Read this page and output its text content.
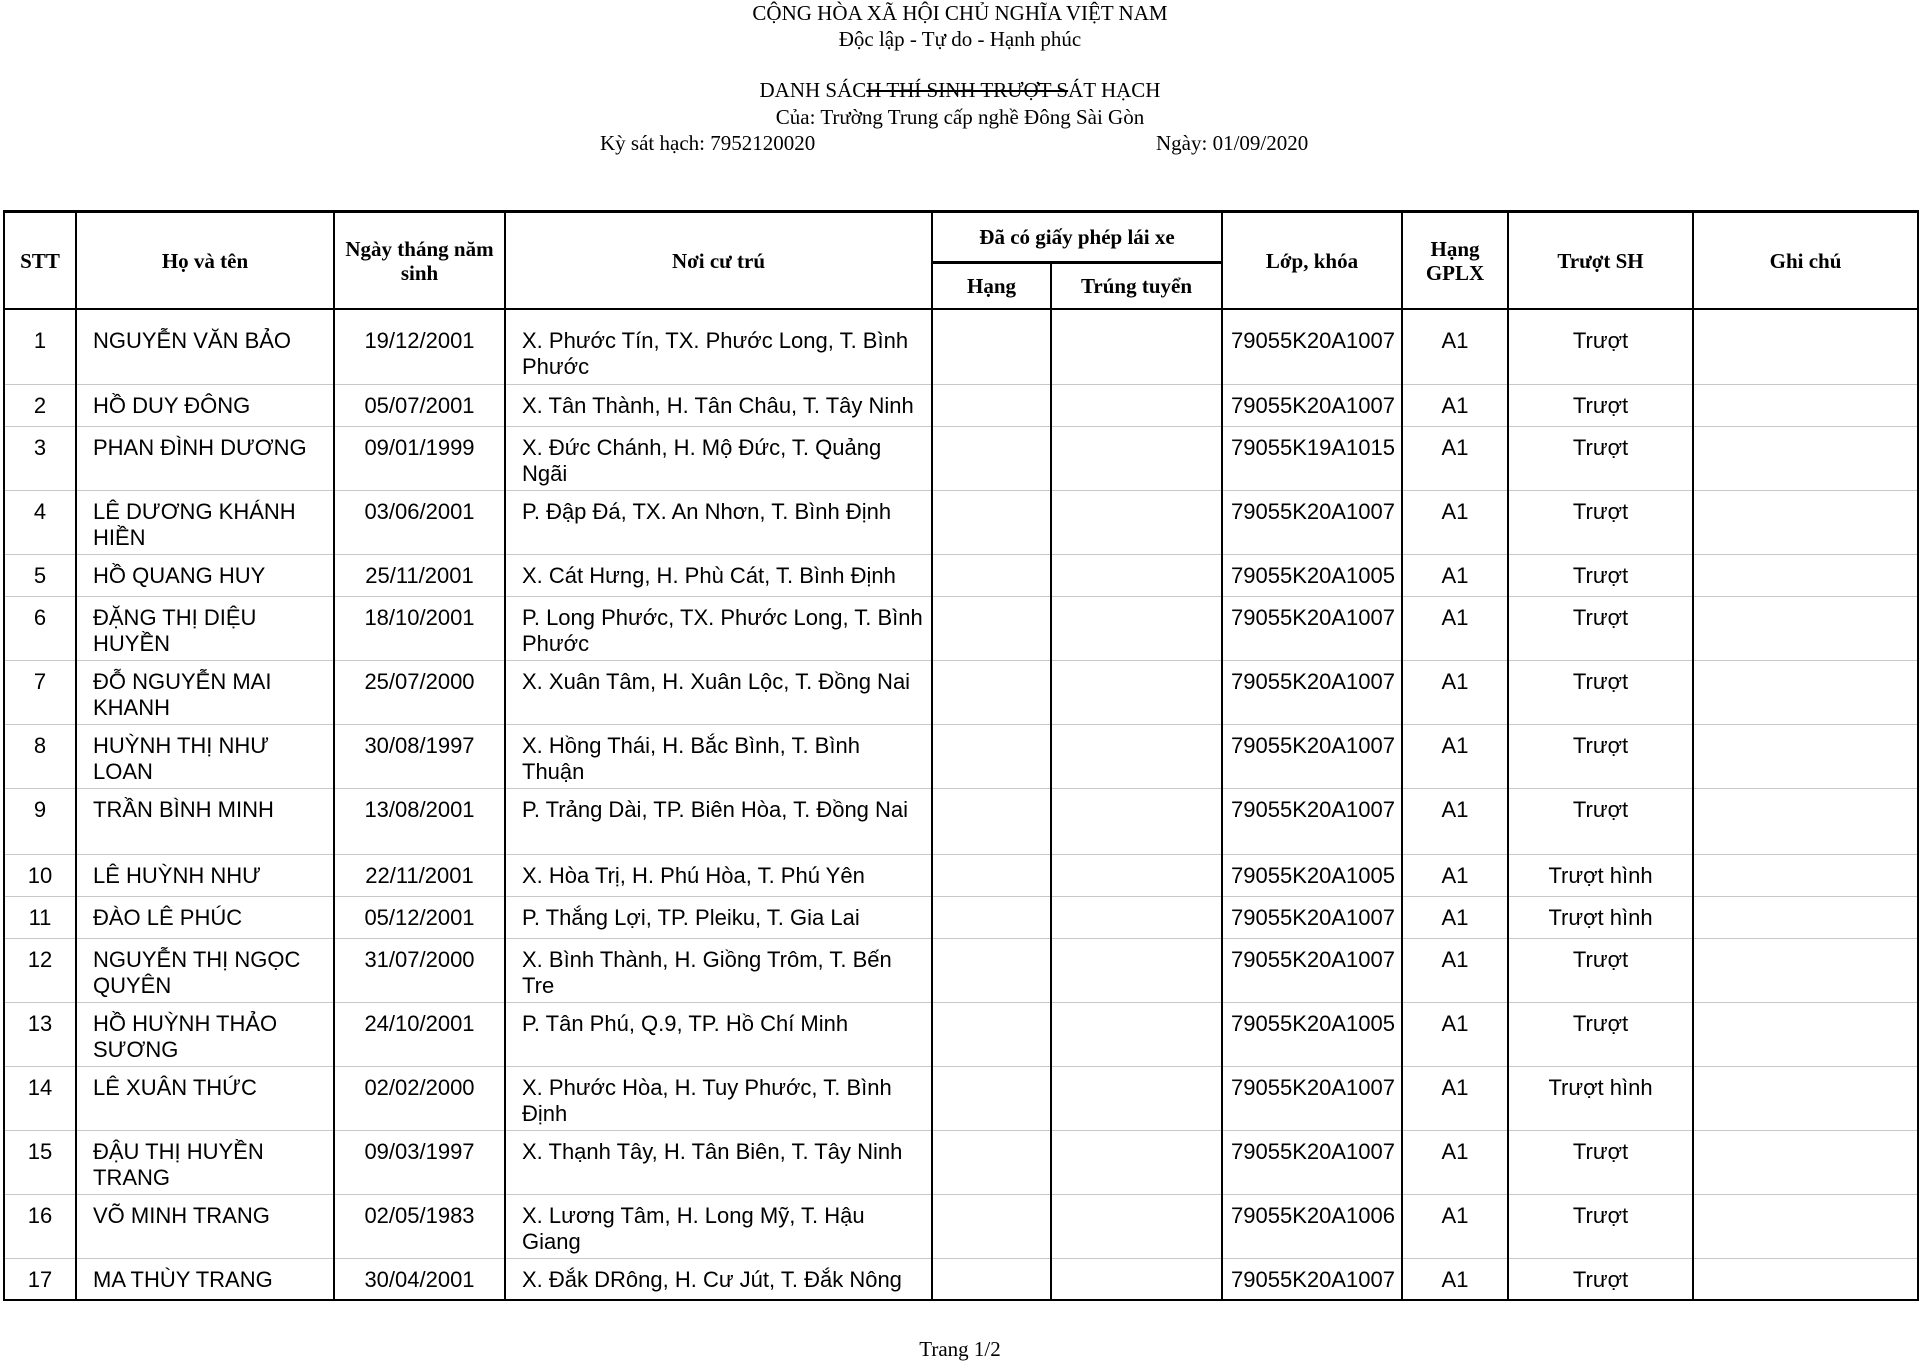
CỘNG HÒA XÃ HỘI CHỦ NGHĨA VIỆT NAM
Độc lập - Tự do - Hạnh phúc
DANH SÁCH THÍ SINH TRƯỢT SÁT HẠCH
Của: Trường Trung cấp nghề Đông Sài Gòn
Kỳ sát hạch: 7952120020	Ngày: 01/09/2020
STT	Họ và tên	Ngày tháng năm sinh	Nơi cư trú	Đã có giấy phép lái xe		Lớp, khóa	Hạng GPLX	Trượt SH	Ghi chú
				Hạng	Trúng tuyển				

1	NGUYỄN VĂN BẢO	19/12/2001	X. Phước Tín, TX. Phước Long, T. Bình Phước			79055K20A1007	A1	Trượt	
2	HỒ DUY ĐÔNG	05/07/2001	X. Tân Thành, H. Tân Châu, T. Tây Ninh			79055K20A1007	A1	Trượt	
3	PHAN ĐÌNH DƯƠNG	09/01/1999	X. Đức Chánh, H. Mộ Đức, T. Quảng Ngãi			79055K19A1015	A1	Trượt	
4	LÊ DƯƠNG KHÁNH HIỀN	03/06/2001	P. Đập Đá, TX. An Nhơn, T. Bình Định			79055K20A1007	A1	Trượt	
5	HỒ QUANG HUY	25/11/2001	X. Cát Hưng, H. Phù Cát, T. Bình Định			79055K20A1005	A1	Trượt	
6	ĐẶNG THỊ DIỆU HUYỀN	18/10/2001	P. Long Phước, TX. Phước Long, T. Bình Phước			79055K20A1007	A1	Trượt	
7	ĐỖ NGUYỄN MAI KHANH	25/07/2000	X. Xuân Tâm, H. Xuân Lộc, T. Đồng Nai			79055K20A1007	A1	Trượt	
8	HUỲNH THỊ NHƯ LOAN	30/08/1997	X. Hồng Thái, H. Bắc Bình, T. Bình Thuận			79055K20A1007	A1	Trượt	
9	TRẦN BÌNH MINH	13/08/2001	P. Trảng Dài, TP. Biên Hòa, T. Đồng Nai			79055K20A1007	A1	Trượt	
10	LÊ HUỲNH NHƯ	22/11/2001	X. Hòa Trị, H. Phú Hòa, T. Phú Yên			79055K20A1005	A1	Trượt hình	
11	ĐÀO LÊ PHÚC	05/12/2001	P. Thắng Lợi, TP. Pleiku, T. Gia Lai			79055K20A1007	A1	Trượt hình	
12	NGUYỄN THỊ NGỌC QUYÊN	31/07/2000	X. Bình Thành, H. Giồng Trôm, T. Bến Tre			79055K20A1007	A1	Trượt	
13	HỒ HUỲNH THẢO SƯƠNG	24/10/2001	P. Tân Phú, Q.9, TP. Hồ Chí Minh			79055K20A1005	A1	Trượt	
14	LÊ XUÂN THỨC	02/02/2000	X. Phước Hòa, H. Tuy Phước, T. Bình Định			79055K20A1007	A1	Trượt hình	
15	ĐẬU THỊ HUYỀN TRANG	09/03/1997	X. Thạnh Tây, H. Tân Biên, T. Tây Ninh			79055K20A1007	A1	Trượt	
16	VÕ MINH TRANG	02/05/1983	X. Lương Tâm, H. Long Mỹ, T. Hậu Giang			79055K20A1006	A1	Trượt	
17	MA THÙY TRANG	30/04/2001	X. Đắk DRông, H. Cư Jút, T. Đắk Nông			79055K20A1007	A1	Trượt	
Trang 1/2
